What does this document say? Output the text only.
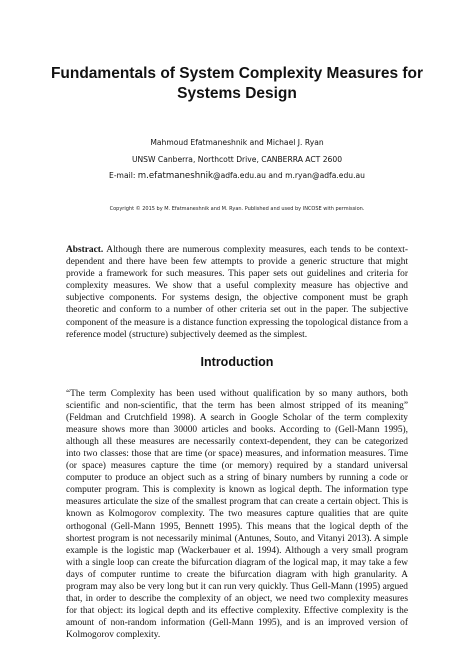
Fundamentals of System Complexity Measures for Systems Design

Mahmoud Efatmaneshnik and Michael J. Ryan

UNSW Canberra, Northcott Drive, CANBERRA ACT 2600

E-mail: m.efatmaneshnik@adfa.edu.au and m.ryan@adfa.edu.au

Copyright © 2015 by M. Efatmaneshnik and M. Ryan. Published and used by INCOSE with permission.

Abstract. Although there are numerous complexity measures, each tends to be context-dependent and there have been few attempts to provide a generic structure that might provide a framework for such measures. This paper sets out guidelines and criteria for complexity measures. We show that a useful complexity measure has objective and subjective components. For systems design, the objective component must be graph theoretic and conform to a number of other criteria set out in the paper. The subjective component of the measure is a distance function expressing the topological distance from a reference model (structure) subjectively deemed as the simplest.

Introduction

“The term Complexity has been used without qualification by so many authors, both scientific and non-scientific, that the term has been almost stripped of its meaning” (Feldman and Crutchfield 1998). A search in Google Scholar of the term complexity measure shows more than 30000 articles and books. According to (Gell-Mann 1995), although all these measures are necessarily context-dependent, they can be categorized into two classes: those that are time (or space) measures, and information measures. Time (or space) measures capture the time (or memory) required by a standard universal computer to produce an object such as a string of binary numbers by running a code or computer program. This is complexity is known as logical depth. The information type measures articulate the size of the smallest program that can create a certain object. This is known as Kolmogorov complexity. The two measures capture qualities that are quite orthogonal (Gell-Mann 1995, Bennett 1995). This means that the logical depth of the shortest program is not necessarily minimal (Antunes, Souto, and Vitanyi 2013). A simple example is the logistic map (Wackerbauer et al. 1994). Although a very small program with a single loop can create the bifurcation diagram of the logical map, it may take a few days of computer runtime to create the bifurcation diagram with high granularity. A program may also be very long but it can run very quickly. Thus Gell-Mann (1995) argued that, in order to describe the complexity of an object, we need two complexity measures for that object: its logical depth and its effective complexity. Effective complexity is the amount of non-random information (Gell-Mann 1995), and is an improved version of Kolmogorov complexity.
